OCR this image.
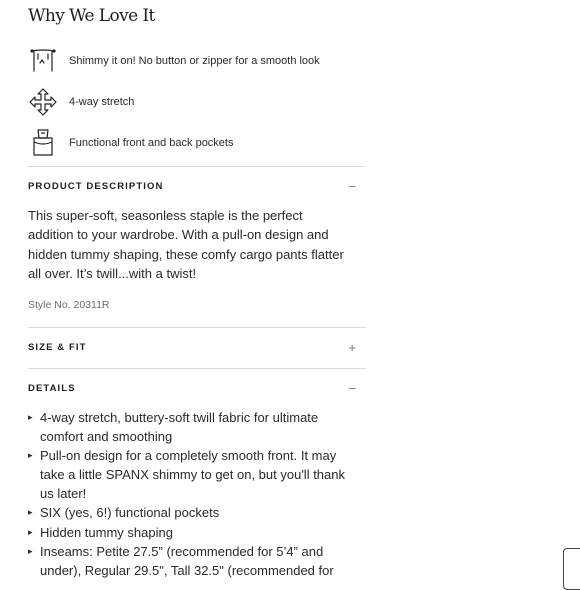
Why We Love It
Shimmy it on! No button or zipper for a smooth look
4-way stretch
Functional front and back pockets
PRODUCT DESCRIPTION	−

This super-soft, seasonless staple is the perfect
addition to your wardrobe. With a pull-on design and
hidden tummy shaping, these comfy cargo pants flatter
all over. It’s twill...with a twist!

Style No. 20311R
SIZE & FIT	+
DETAILS	−
▸ 4-way stretch, buttery-soft twill fabric for ultimate
comfort and smoothing
▸ Pull-on design for a completely smooth front. It may
take a little SPANX shimmy to get on, but you'll thank
us later!
▸ SIX (yes, 6!) functional pockets
▸ Hidden tummy shaping
▸ Inseams: Petite 27.5” (recommended for 5’4” and
under), Regular 29.5", Tall 32.5" (recommended for
